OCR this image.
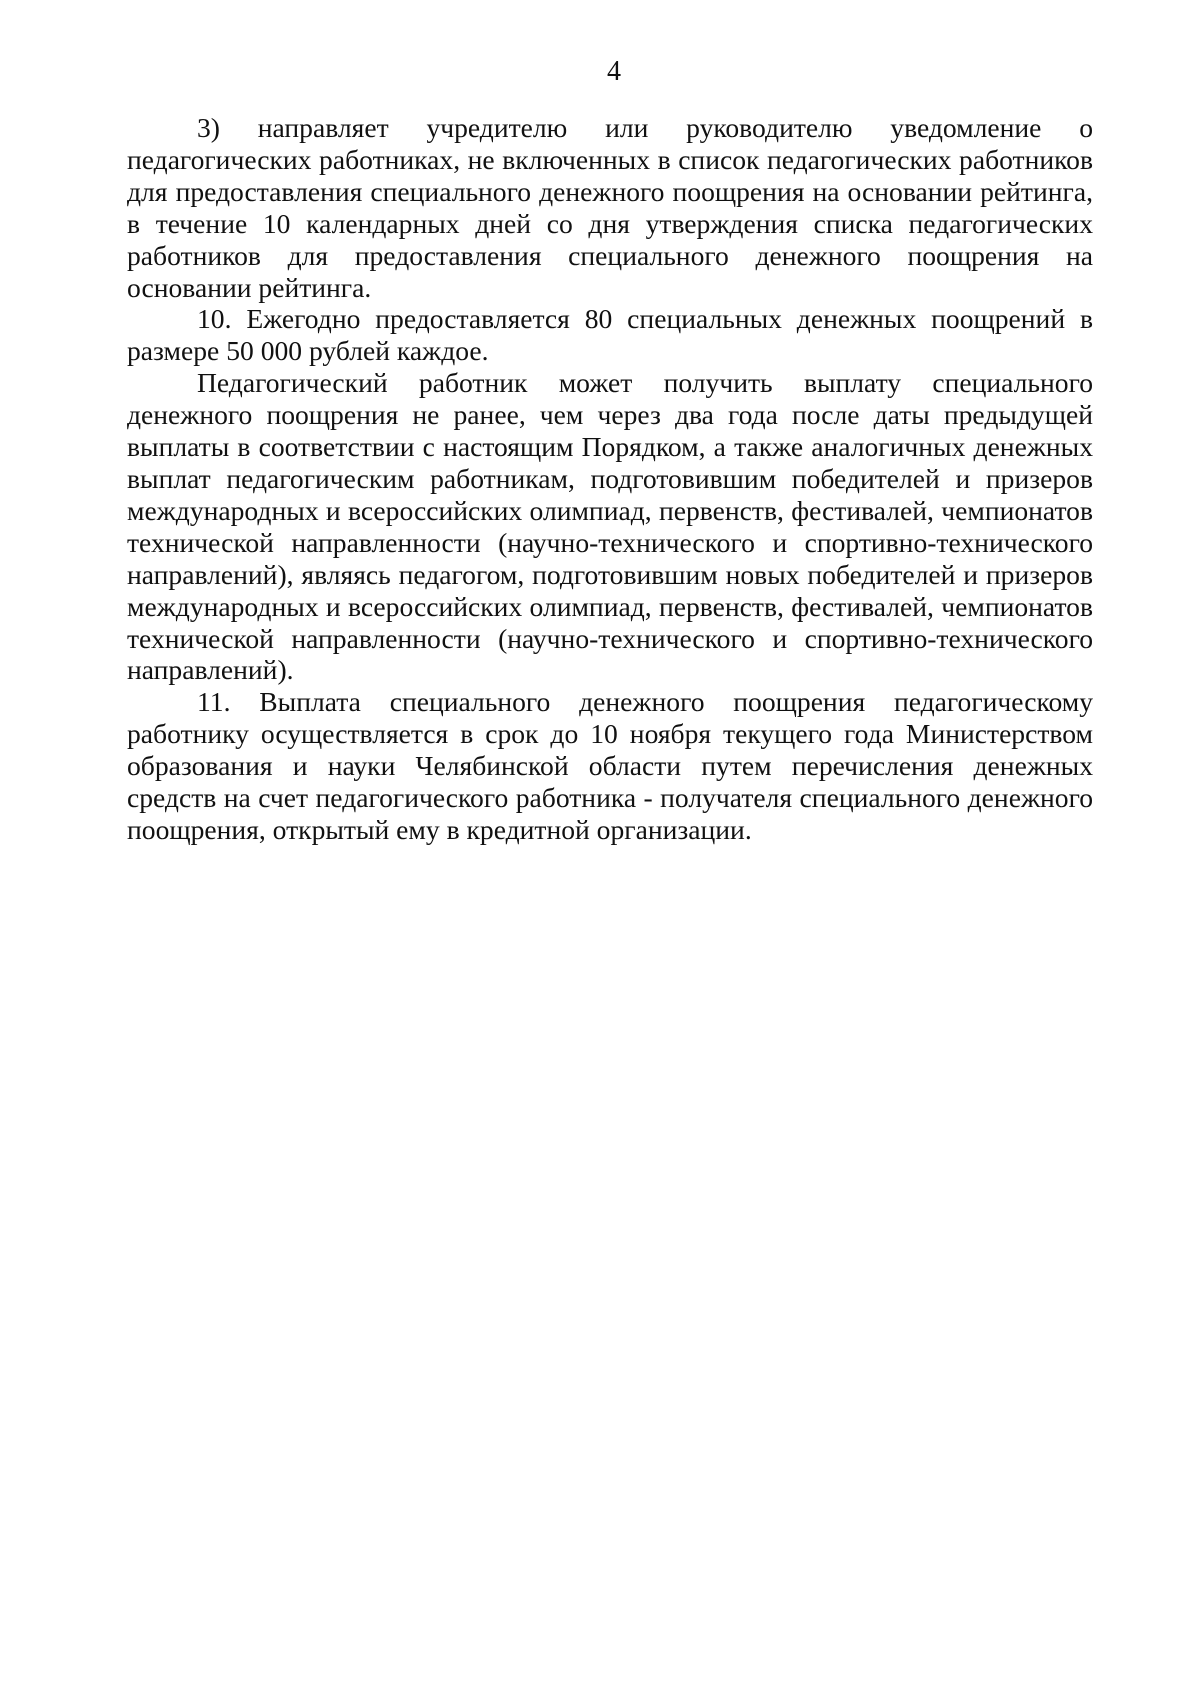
4

3) направляет учредителю или руководителю уведомление о педагогических работниках, не включенных в список педагогических работников для предоставления специального денежного поощрения на основании рейтинга, в течение 10 календарных дней со дня утверждения списка педагогических работников для предоставления специального денежного поощрения на основании рейтинга.

10. Ежегодно предоставляется 80 специальных денежных поощрений в размере 50 000 рублей каждое.

Педагогический работник может получить выплату специального денежного поощрения не ранее, чем через два года после даты предыдущей выплаты в соответствии с настоящим Порядком, а также аналогичных денежных выплат педагогическим работникам, подготовившим победителей и призеров международных и всероссийских олимпиад, первенств, фестивалей, чемпионатов технической направленности (научно-технического и спортивно-технического направлений), являясь педагогом, подготовившим новых победителей и призеров международных и всероссийских олимпиад, первенств, фестивалей, чемпионатов технической направленности (научно-технического и спортивно-технического направлений).

11. Выплата специального денежного поощрения педагогическому работнику осуществляется в срок до 10 ноября текущего года Министерством образования и науки Челябинской области путем перечисления денежных средств на счет педагогического работника - получателя специального денежного поощрения, открытый ему в кредитной организации.
